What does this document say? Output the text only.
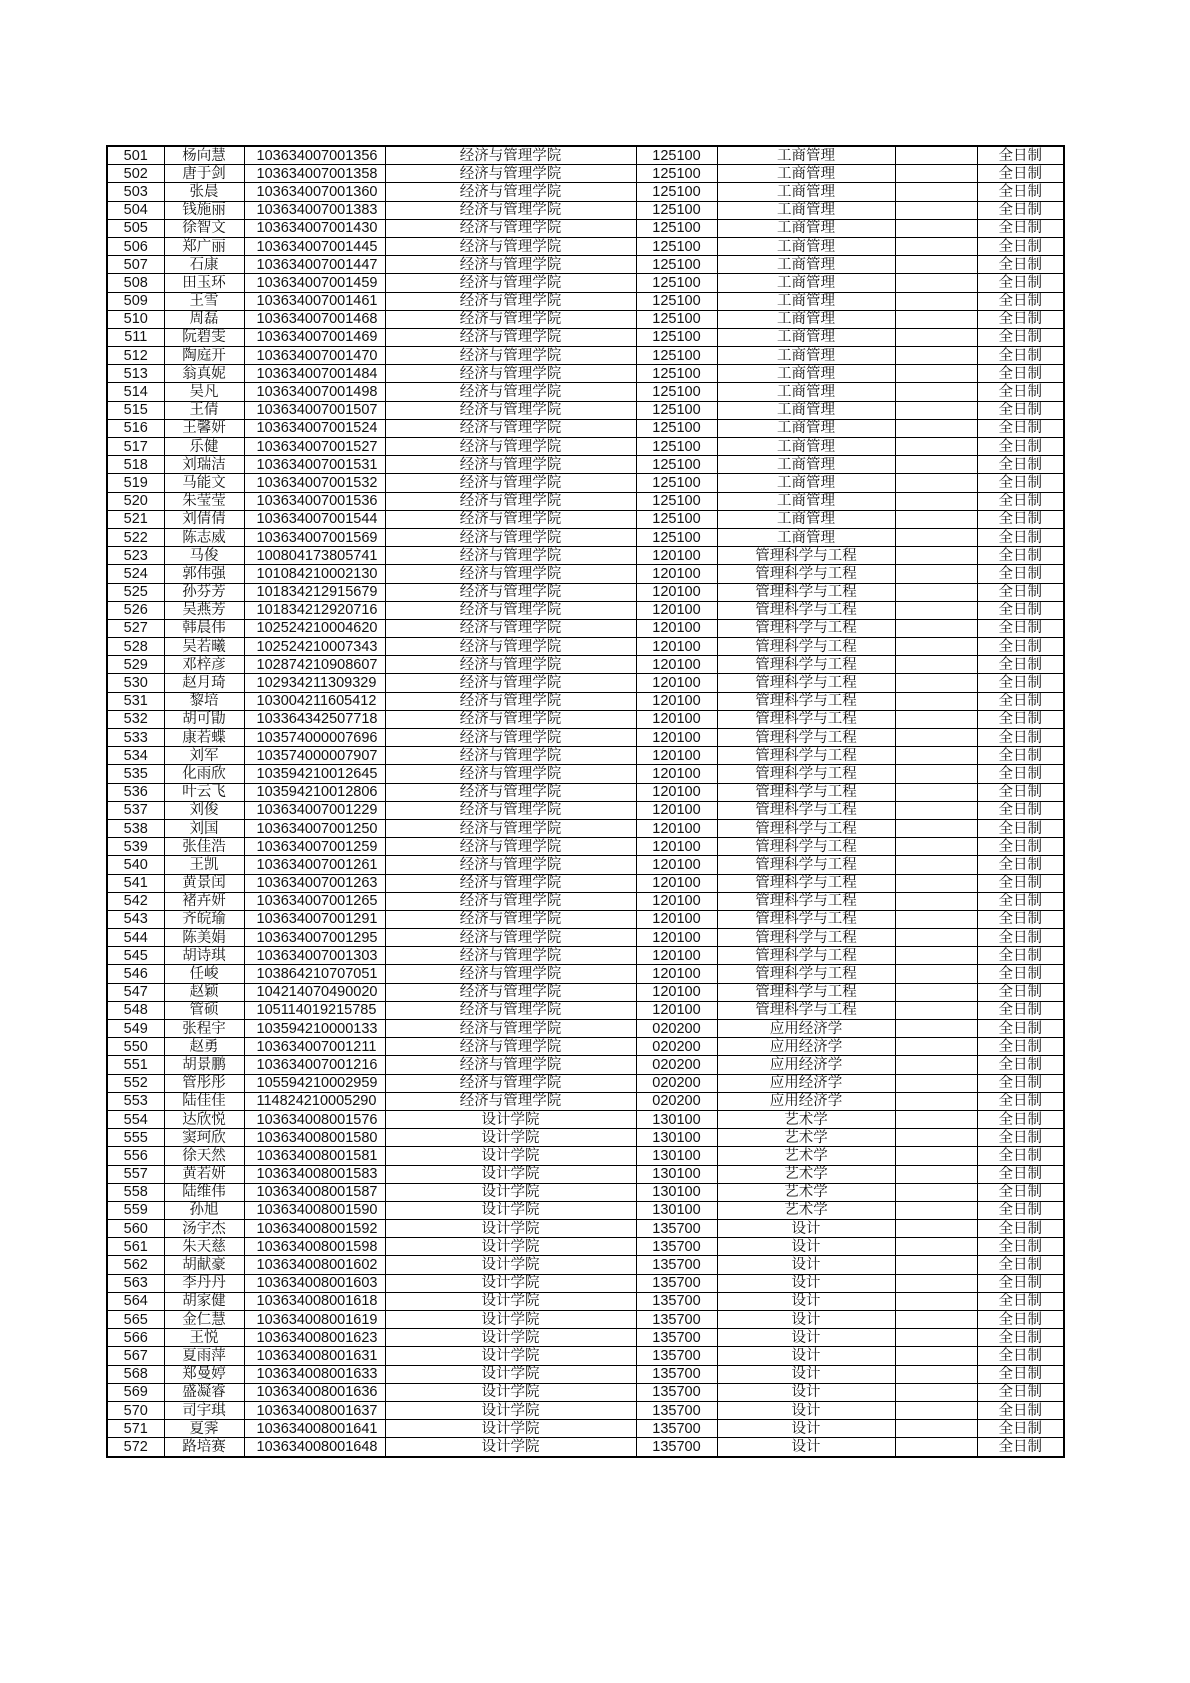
501	杨向慧	103634007001356	经济与管理学院	125100	工商管理		全日制
502	唐于剑	103634007001358	经济与管理学院	125100	工商管理		全日制
503	张晨	103634007001360	经济与管理学院	125100	工商管理		全日制
504	钱施丽	103634007001383	经济与管理学院	125100	工商管理		全日制
505	徐智文	103634007001430	经济与管理学院	125100	工商管理		全日制
506	郑广丽	103634007001445	经济与管理学院	125100	工商管理		全日制
507	石康	103634007001447	经济与管理学院	125100	工商管理		全日制
508	田玉环	103634007001459	经济与管理学院	125100	工商管理		全日制
509	王雪	103634007001461	经济与管理学院	125100	工商管理		全日制
510	周磊	103634007001468	经济与管理学院	125100	工商管理		全日制
511	阮碧雯	103634007001469	经济与管理学院	125100	工商管理		全日制
512	陶庭开	103634007001470	经济与管理学院	125100	工商管理		全日制
513	翁真妮	103634007001484	经济与管理学院	125100	工商管理		全日制
514	吴凡	103634007001498	经济与管理学院	125100	工商管理		全日制
515	王倩	103634007001507	经济与管理学院	125100	工商管理		全日制
516	王馨妍	103634007001524	经济与管理学院	125100	工商管理		全日制
517	乐健	103634007001527	经济与管理学院	125100	工商管理		全日制
518	刘瑞洁	103634007001531	经济与管理学院	125100	工商管理		全日制
519	马能文	103634007001532	经济与管理学院	125100	工商管理		全日制
520	朱莹莹	103634007001536	经济与管理学院	125100	工商管理		全日制
521	刘倩倩	103634007001544	经济与管理学院	125100	工商管理		全日制
522	陈志威	103634007001569	经济与管理学院	125100	工商管理		全日制
523	马俊	100804173805741	经济与管理学院	120100	管理科学与工程		全日制
524	郭伟强	101084210002130	经济与管理学院	120100	管理科学与工程		全日制
525	孙芬芳	101834212915679	经济与管理学院	120100	管理科学与工程		全日制
526	吴燕芳	101834212920716	经济与管理学院	120100	管理科学与工程		全日制
527	韩晨伟	102524210004620	经济与管理学院	120100	管理科学与工程		全日制
528	吴若曦	102524210007343	经济与管理学院	120100	管理科学与工程		全日制
529	邓梓彦	102874210908607	经济与管理学院	120100	管理科学与工程		全日制
530	赵月琦	102934211309329	经济与管理学院	120100	管理科学与工程		全日制
531	黎培	103004211605412	经济与管理学院	120100	管理科学与工程		全日制
532	胡可勖	103364342507718	经济与管理学院	120100	管理科学与工程		全日制
533	康若蝶	103574000007696	经济与管理学院	120100	管理科学与工程		全日制
534	刘军	103574000007907	经济与管理学院	120100	管理科学与工程		全日制
535	化雨欣	103594210012645	经济与管理学院	120100	管理科学与工程		全日制
536	叶云飞	103594210012806	经济与管理学院	120100	管理科学与工程		全日制
537	刘俊	103634007001229	经济与管理学院	120100	管理科学与工程		全日制
538	刘国	103634007001250	经济与管理学院	120100	管理科学与工程		全日制
539	张佳浩	103634007001259	经济与管理学院	120100	管理科学与工程		全日制
540	王凯	103634007001261	经济与管理学院	120100	管理科学与工程		全日制
541	黄景闰	103634007001263	经济与管理学院	120100	管理科学与工程		全日制
542	褚卉妍	103634007001265	经济与管理学院	120100	管理科学与工程		全日制
543	齐皖瑜	103634007001291	经济与管理学院	120100	管理科学与工程		全日制
544	陈美娟	103634007001295	经济与管理学院	120100	管理科学与工程		全日制
545	胡诗琪	103634007001303	经济与管理学院	120100	管理科学与工程		全日制
546	任峻	103864210707051	经济与管理学院	120100	管理科学与工程		全日制
547	赵颖	104214070490020	经济与管理学院	120100	管理科学与工程		全日制
548	管硕	105114019215785	经济与管理学院	120100	管理科学与工程		全日制
549	张程宇	103594210000133	经济与管理学院	020200	应用经济学		全日制
550	赵勇	103634007001211	经济与管理学院	020200	应用经济学		全日制
551	胡景鹏	103634007001216	经济与管理学院	020200	应用经济学		全日制
552	管彤彤	105594210002959	经济与管理学院	020200	应用经济学		全日制
553	陆佳佳	114824210005290	经济与管理学院	020200	应用经济学		全日制
554	达欣悦	103634008001576	设计学院	130100	艺术学		全日制
555	窦珂欣	103634008001580	设计学院	130100	艺术学		全日制
556	徐天然	103634008001581	设计学院	130100	艺术学		全日制
557	黄若妍	103634008001583	设计学院	130100	艺术学		全日制
558	陆维伟	103634008001587	设计学院	130100	艺术学		全日制
559	孙旭	103634008001590	设计学院	130100	艺术学		全日制
560	汤宇杰	103634008001592	设计学院	135700	设计		全日制
561	朱天慈	103634008001598	设计学院	135700	设计		全日制
562	胡献豪	103634008001602	设计学院	135700	设计		全日制
563	李丹丹	103634008001603	设计学院	135700	设计		全日制
564	胡家健	103634008001618	设计学院	135700	设计		全日制
565	金仁慧	103634008001619	设计学院	135700	设计		全日制
566	王悦	103634008001623	设计学院	135700	设计		全日制
567	夏雨萍	103634008001631	设计学院	135700	设计		全日制
568	郑曼婷	103634008001633	设计学院	135700	设计		全日制
569	盛凝睿	103634008001636	设计学院	135700	设计		全日制
570	司宇琪	103634008001637	设计学院	135700	设计		全日制
571	夏霁	103634008001641	设计学院	135700	设计		全日制
572	路培赛	103634008001648	设计学院	135700	设计		全日制
